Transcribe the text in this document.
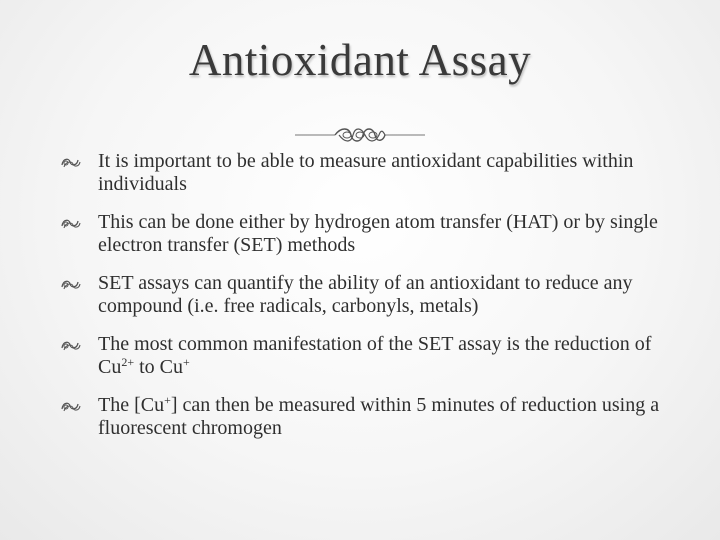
Antioxidant Assay
It is important to be able to measure antioxidant capabilities within individuals
This can be done either by hydrogen atom transfer (HAT) or by single electron transfer (SET) methods
SET assays can quantify the ability of an antioxidant to reduce any compound (i.e. free radicals, carbonyls, metals)
The most common manifestation of the SET assay is the reduction of $Cu^{2+}$ to Cu+
The [Cu+] can then be measured within 5 minutes of reduction using a fluorescent chromogen
